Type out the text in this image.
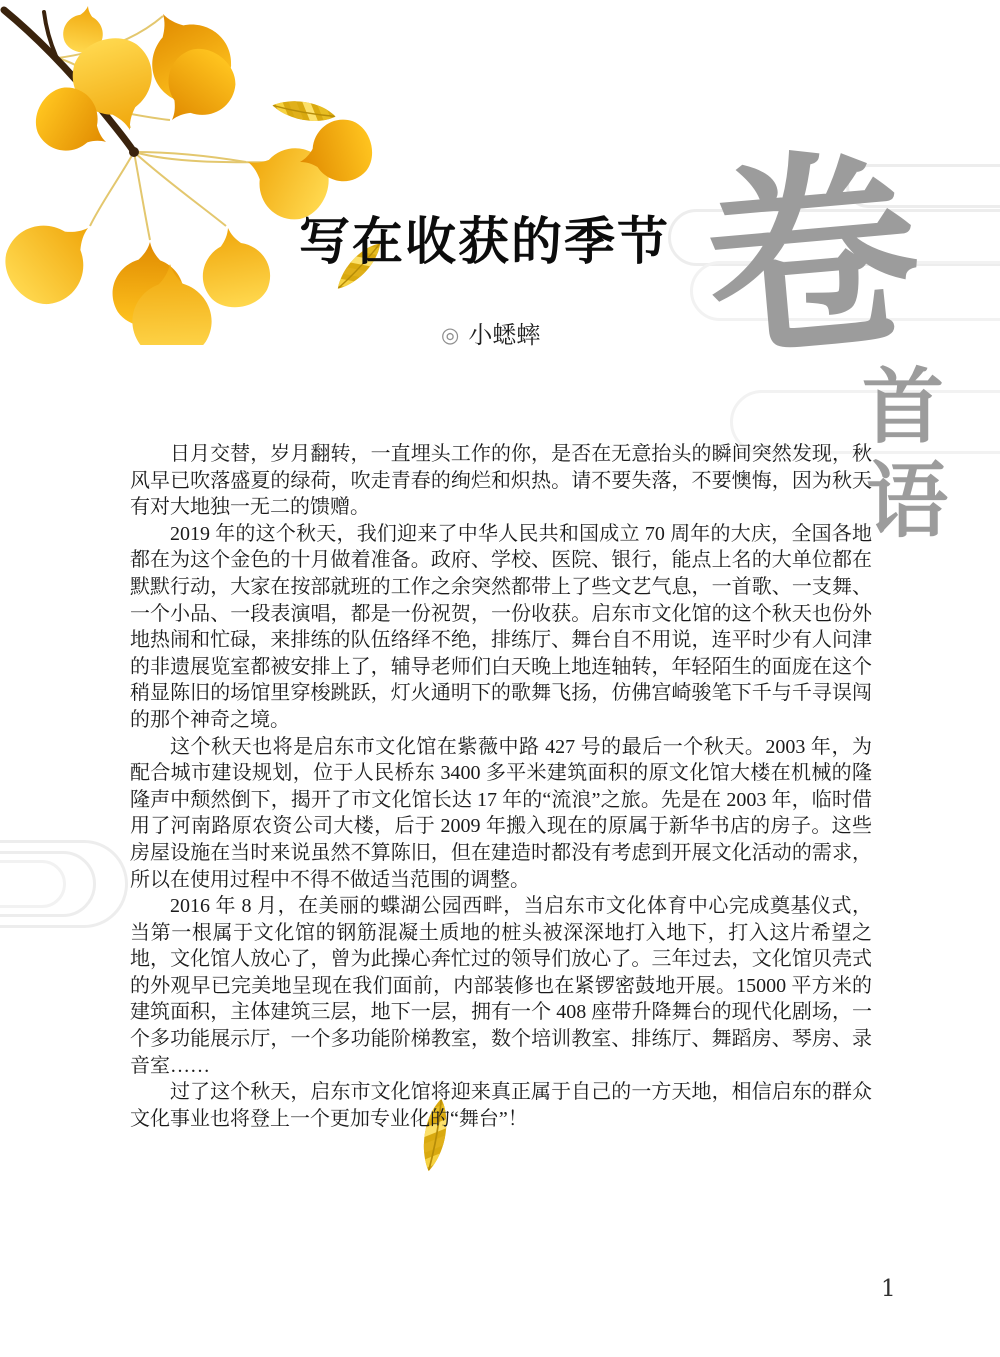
卷
首
语
写在收获的季节
◎ 小蟋蟀

日月交替，岁月翻转，一直埋头工作的你，是否在无意抬头的瞬间突然发现，秋风早已吹落盛夏的绿荷，吹走青春的绚烂和炽热。请不要失落，不要懊悔，因为秋天有对大地独一无二的馈赠。

2019 年的这个秋天，我们迎来了中华人民共和国成立 70 周年的大庆，全国各地都在为这个金色的十月做着准备。政府、学校、医院、银行，能点上名的大单位都在默默行动，大家在按部就班的工作之余突然都带上了些文艺气息，一首歌、一支舞、一个小品、一段表演唱，都是一份祝贺，一份收获。启东市文化馆的这个秋天也份外地热闹和忙碌，来排练的队伍络绎不绝，排练厅、舞台自不用说，连平时少有人问津的非遗展览室都被安排上了，辅导老师们白天晚上地连轴转，年轻陌生的面庞在这个稍显陈旧的场馆里穿梭跳跃，灯火通明下的歌舞飞扬，仿佛宫崎骏笔下千与千寻误闯的那个神奇之境。

这个秋天也将是启东市文化馆在紫薇中路 427 号的最后一个秋天。2003 年，为配合城市建设规划，位于人民桥东 3400 多平米建筑面积的原文化馆大楼在机械的隆隆声中颓然倒下，揭开了市文化馆长达 17 年的“流浪”之旅。先是在 2003 年，临时借用了河南路原农资公司大楼，后于 2009 年搬入现在的原属于新华书店的房子。这些房屋设施在当时来说虽然不算陈旧，但在建造时都没有考虑到开展文化活动的需求，所以在使用过程中不得不做适当范围的调整。

2016 年 8 月，在美丽的蝶湖公园西畔，当启东市文化体育中心完成奠基仪式，当第一根属于文化馆的钢筋混凝土质地的桩头被深深地打入地下，打入这片希望之地，文化馆人放心了，曾为此操心奔忙过的领导们放心了。三年过去，文化馆贝壳式的外观早已完美地呈现在我们面前，内部装修也在紧锣密鼓地开展。15000 平方米的建筑面积，主体建筑三层，地下一层，拥有一个 408 座带升降舞台的现代化剧场，一个多功能展示厅，一个多功能阶梯教室，数个培训教室、排练厅、舞蹈房、琴房、录音室……

过了这个秋天，启东市文化馆将迎来真正属于自己的一方天地，相信启东的群众文化事业也将登上一个更加专业化的“舞台”！

1
